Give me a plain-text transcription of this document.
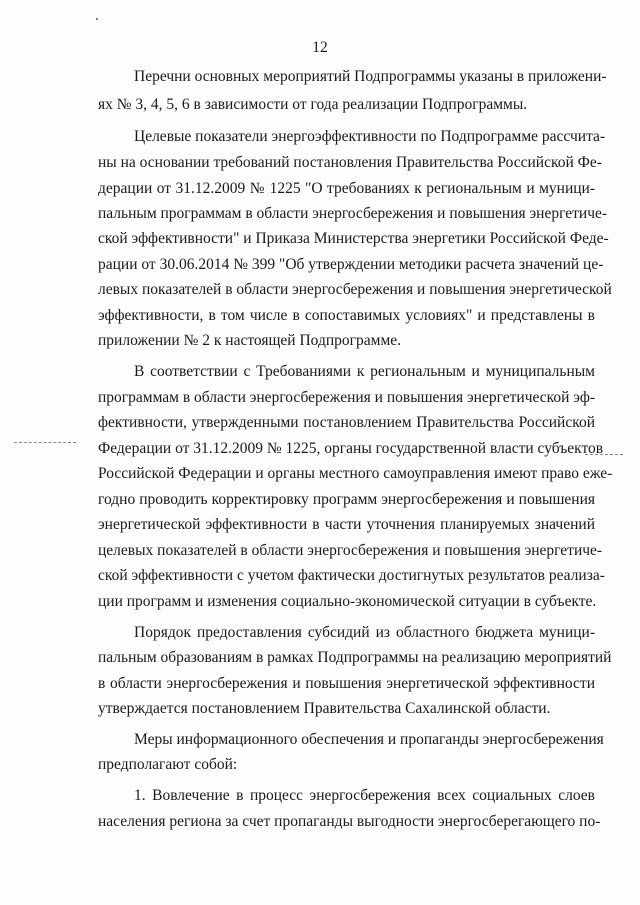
12
Перечни основных мероприятий Подпрограммы указаны в приложени-
ях № 3, 4, 5, 6 в зависимости от года реализации Подпрограммы.
Целевые показатели энергоэффективности по Подпрограмме рассчита-
ны на основании требований постановления Правительства Российской Фе-
дерации от 31.12.2009 № 1225 "О требованиях к региональным и муници-
пальным программам в области энергосбережения и повышения энергетиче-
ской эффективности" и Приказа Министерства энергетики Российской Феде-
рации от 30.06.2014 № 399 "Об утверждении методики расчета значений це-
левых показателей в области энергосбережения и повышения энергетической
эффективности, в том числе в сопоставимых условиях" и представлены в
приложении № 2 к настоящей Подпрограмме.
В соответствии с Требованиями к региональным и муниципальным
программам в области энергосбережения и повышения энергетической эф-
фективности, утвержденными постановлением Правительства Российской
Федерации от 31.12.2009 № 1225, органы государственной власти субъектов
Российской Федерации и органы местного самоуправления имеют право еже-
годно проводить корректировку программ энергосбережения и повышения
энергетической эффективности в части уточнения планируемых значений
целевых показателей в области энергосбережения и повышения энергетиче-
ской эффективности с учетом фактически достигнутых результатов реализа-
ции программ и изменения социально-экономической ситуации в субъекте.
Порядок предоставления субсидий из областного бюджета муници-
пальным образованиям в рамках Подпрограммы на реализацию мероприятий
в области энергосбережения и повышения энергетической эффективности
утверждается постановлением Правительства Сахалинской области.
Меры информационного обеспечения и пропаганды энергосбережения
предполагают собой:
1. Вовлечение в процесс энергосбережения всех социальных слоев
населения региона за счет пропаганды выгодности энергосберегающего по-
